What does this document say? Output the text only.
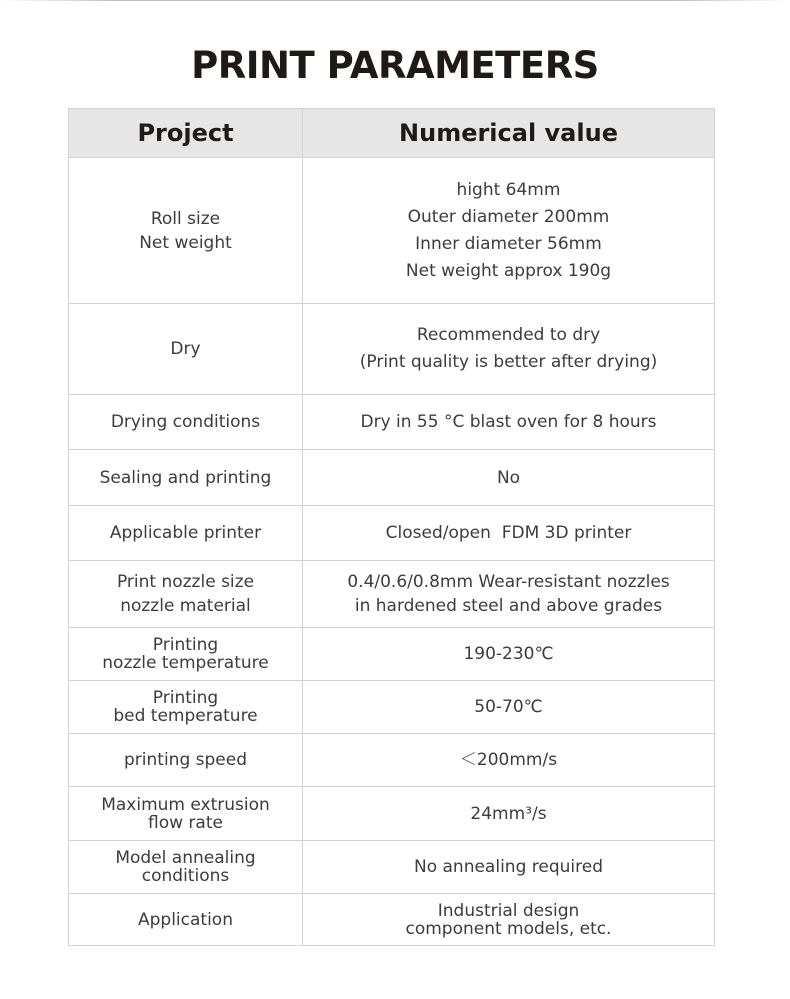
PRINT PARAMETERS
Project	Numerical value

Roll size
Net weight	hight 64mm
Outer diameter 200mm
Inner diameter 56mm
Net weight approx 190g

Dry	Recommended to dry
(Print quality is better after drying)

Drying conditions	Dry in 55 °C blast oven for 8 hours

Sealing and printing	No

Applicable printer	Closed/open  FDM 3D printer

Print nozzle size
nozzle material	0.4/0.6/0.8mm Wear-resistant nozzles
in hardened steel and above grades

Printing
nozzle temperature	190-230℃

Printing
bed temperature	50-70℃

printing speed	＜200mm/s

Maximum extrusion
flow rate	24mm³/s

Model annealing
conditions	No annealing required

Application	Industrial design
component models, etc.
